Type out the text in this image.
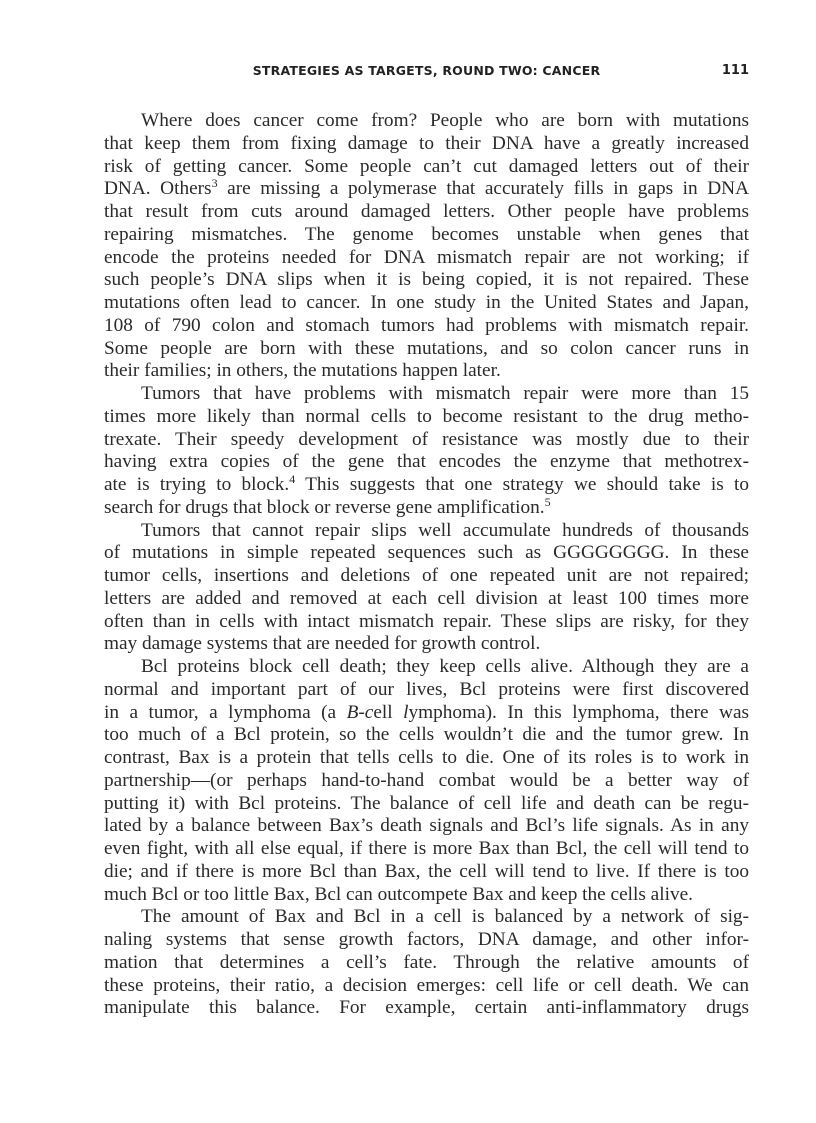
STRATEGIES AS TARGETS, ROUND TWO: CANCER	111
Where does cancer come from? People who are born with mutations
that keep them from fixing damage to their DNA have a greatly increased
risk of getting cancer. Some people can’t cut damaged letters out of their
DNA. Others$^3$ are missing a polymerase that accurately fills in gaps in DNA
that result from cuts around damaged letters. Other people have problems
repairing mismatches. The genome becomes unstable when genes that
encode the proteins needed for DNA mismatch repair are not working; if
such people’s DNA slips when it is being copied, it is not repaired. These
mutations often lead to cancer. In one study in the United States and Japan,
108 of 790 colon and stomach tumors had problems with mismatch repair.
Some people are born with these mutations, and so colon cancer runs in
their families; in others, the mutations happen later.
Tumors that have problems with mismatch repair were more than 15
times more likely than normal cells to become resistant to the drug metho-
trexate. Their speedy development of resistance was mostly due to their
having extra copies of the gene that encodes the enzyme that methotrex-
ate is trying to block.$^4$ This suggests that one strategy we should take is to
search for drugs that block or reverse gene amplification.$^5$
Tumors that cannot repair slips well accumulate hundreds of thousands
of mutations in simple repeated sequences such as GGGGGGGG. In these
tumor cells, insertions and deletions of one repeated unit are not repaired;
letters are added and removed at each cell division at least 100 times more
often than in cells with intact mismatch repair. These slips are risky, for they
may damage systems that are needed for growth control.
Bcl proteins block cell death; they keep cells alive. Although they are a
normal and important part of our lives, Bcl proteins were first discovered
in a tumor, a lymphoma (a B-cell lymphoma). In this lymphoma, there was
too much of a Bcl protein, so the cells wouldn’t die and the tumor grew. In
contrast, Bax is a protein that tells cells to die. One of its roles is to work in
partnership—(or perhaps hand-to-hand combat would be a better way of
putting it) with Bcl proteins. The balance of cell life and death can be regu-
lated by a balance between Bax’s death signals and Bcl’s life signals. As in any
even fight, with all else equal, if there is more Bax than Bcl, the cell will tend to
die; and if there is more Bcl than Bax, the cell will tend to live. If there is too
much Bcl or too little Bax, Bcl can outcompete Bax and keep the cells alive.
The amount of Bax and Bcl in a cell is balanced by a network of sig-
naling systems that sense growth factors, DNA damage, and other infor-
mation that determines a cell’s fate. Through the relative amounts of
these proteins, their ratio, a decision emerges: cell life or cell death. We can
manipulate this balance. For example, certain anti-inflammatory drugs
